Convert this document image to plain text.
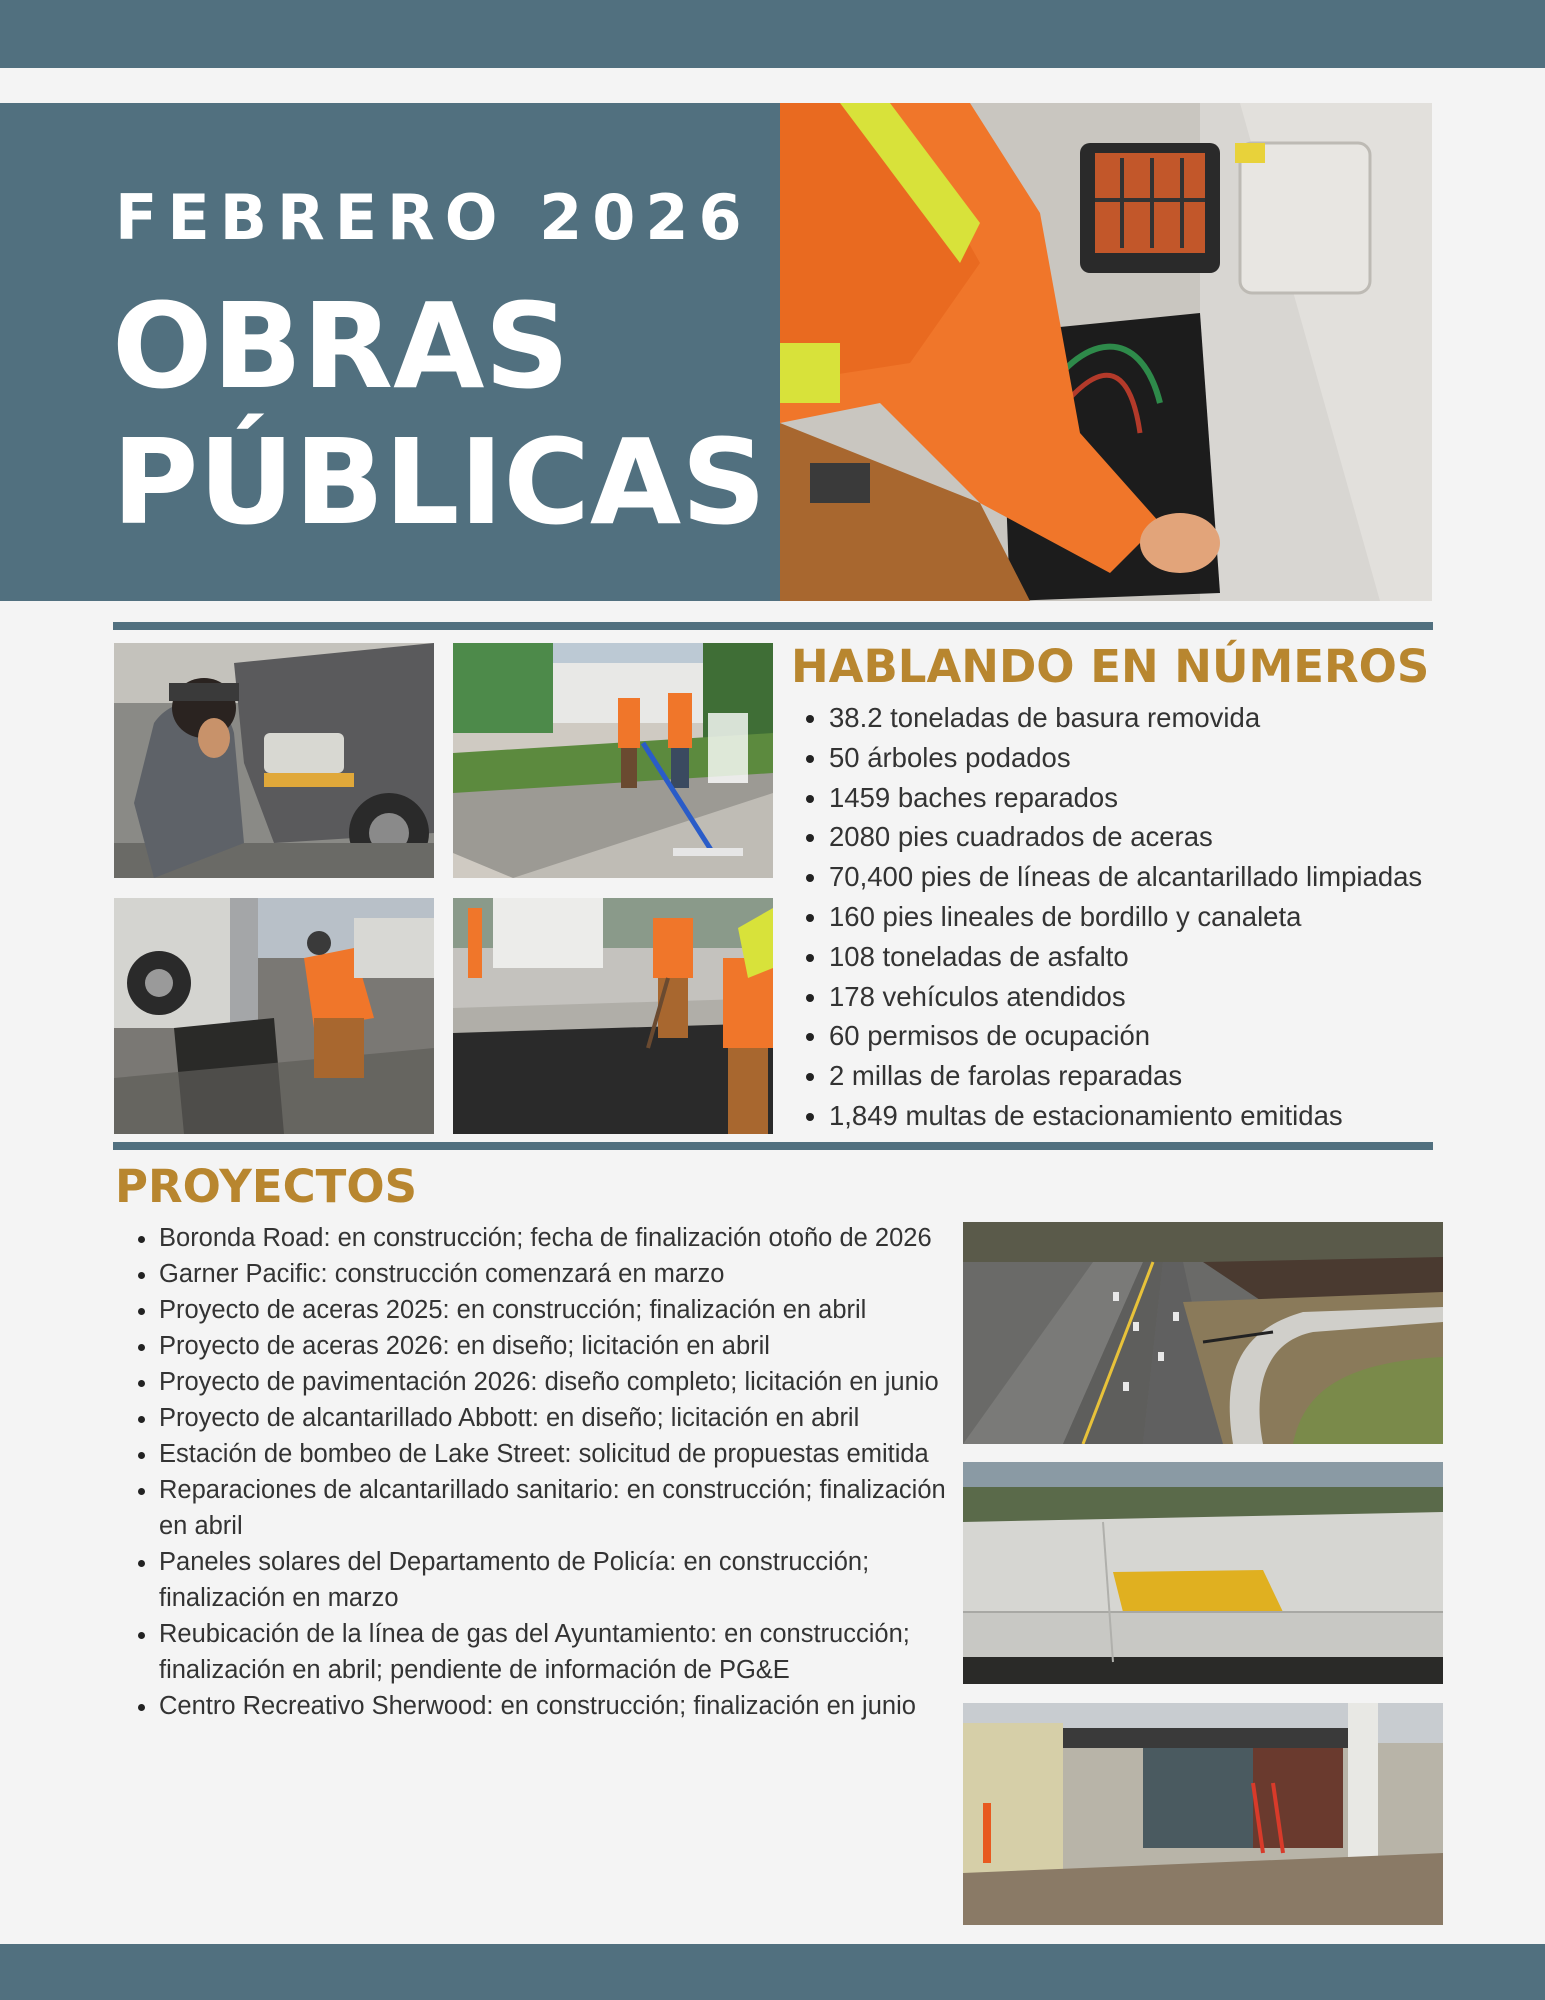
FEBRERO 2026
OBRAS
PÚBLICAS
HABLANDO EN NÚMEROS
• 38.2 toneladas de basura removida
• 50 árboles podados
• 1459 baches reparados
• 2080 pies cuadrados de aceras
• 70,400 pies de líneas de alcantarillado limpiadas
• 160 pies lineales de bordillo y canaleta
• 108 toneladas de asfalto
• 178 vehículos atendidos
• 60 permisos de ocupación
• 2 millas de farolas reparadas
• 1,849 multas de estacionamiento emitidas
PROYECTOS
• Boronda Road: en construcción; fecha de finalización otoño de 2026
• Garner Pacific: construcción comenzará en marzo
• Proyecto de aceras 2025: en construcción; finalización en abril
• Proyecto de aceras 2026: en diseño; licitación en abril
• Proyecto de pavimentación 2026: diseño completo; licitación en junio
• Proyecto de alcantarillado Abbott: en diseño; licitación en abril
• Estación de bombeo de Lake Street: solicitud de propuestas emitida
• Reparaciones de alcantarillado sanitario: en construcción; finalización en abril
• Paneles solares del Departamento de Policía: en construcción; finalización en marzo
• Reubicación de la línea de gas del Ayuntamiento: en construcción; finalización en abril; pendiente de información de PG&E
• Centro Recreativo Sherwood: en construcción; finalización en junio
